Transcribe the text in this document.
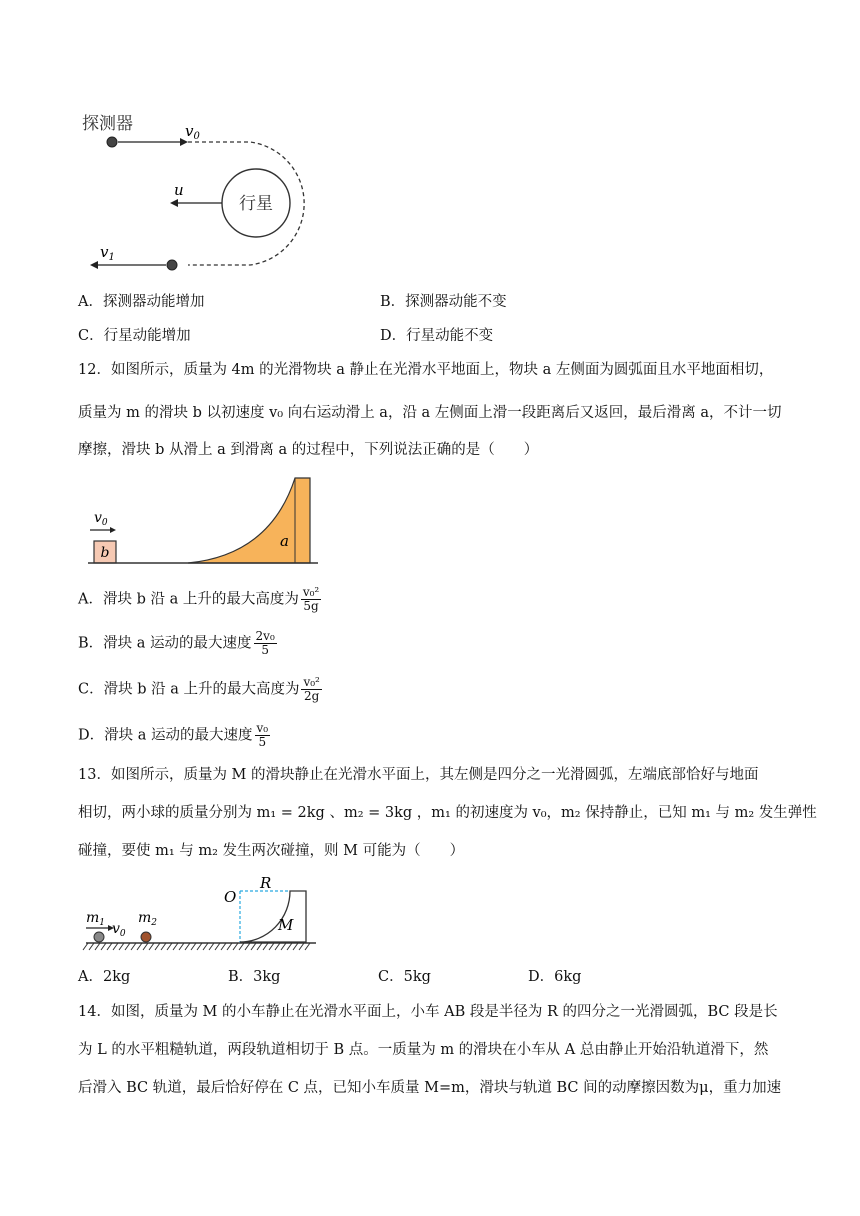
探测器	$v_0$
行星
u
$v_1$
A．探测器动能增加	B．探测器动能不变
C．行星动能增加	D．行星动能不变
12．如图所示，质量为 4m 的光滑物块 a 静止在光滑水平地面上，物块 a 左侧面为圆弧面且水平地面相切，
质量为 m 的滑块 b 以初速度 v₀ 向右运动滑上 a，沿 a 左侧面上滑一段距离后又返回，最后滑离 a，不计一切
摩擦，滑块 b 从滑上 a 到滑离 a 的过程中，下列说法正确的是（　　）
$v_0$
b
a
A．滑块 b 沿 a 上升的最大高度为 $\frac{\text{v₀²}}{5g}$
B．滑块 a 运动的最大速度 $\frac{\text{2v₀}}{5}$
C．滑块 b 沿 a 上升的最大高度为 $\frac{\text{v₀²}}{2g}$
D．滑块 a 运动的最大速度 $\frac{\text{v₀}}{5}$
13．如图所示，质量为 M 的滑块静止在光滑水平面上，其左侧是四分之一光滑圆弧，左端底部恰好与地面
相切，两小球的质量分别为 m₁ = 2kg 、m₂ = 3kg ，m₁ 的初速度为 v₀，m₂ 保持静止，已知 m₁ 与 m₂ 发生弹性
碰撞，要使 m₁ 与 m₂ 发生两次碰撞，则 M 可能为（　　）
O
R
M
$m_1$ $v_0$
$m_2$
A．2kg	B．3kg	C．5kg	D．6kg
14．如图，质量为 M 的小车静止在光滑水平面上，小车 AB 段是半径为 R 的四分之一光滑圆弧，BC 段是长
为 L 的水平粗糙轨道，两段轨道相切于 B 点。一质量为 m 的滑块在小车从 A 总由静止开始沿轨道滑下，然
后滑入 BC 轨道，最后恰好停在 C 点，已知小车质量 M=m，滑块与轨道 BC 间的动摩擦因数为μ，重力加速
